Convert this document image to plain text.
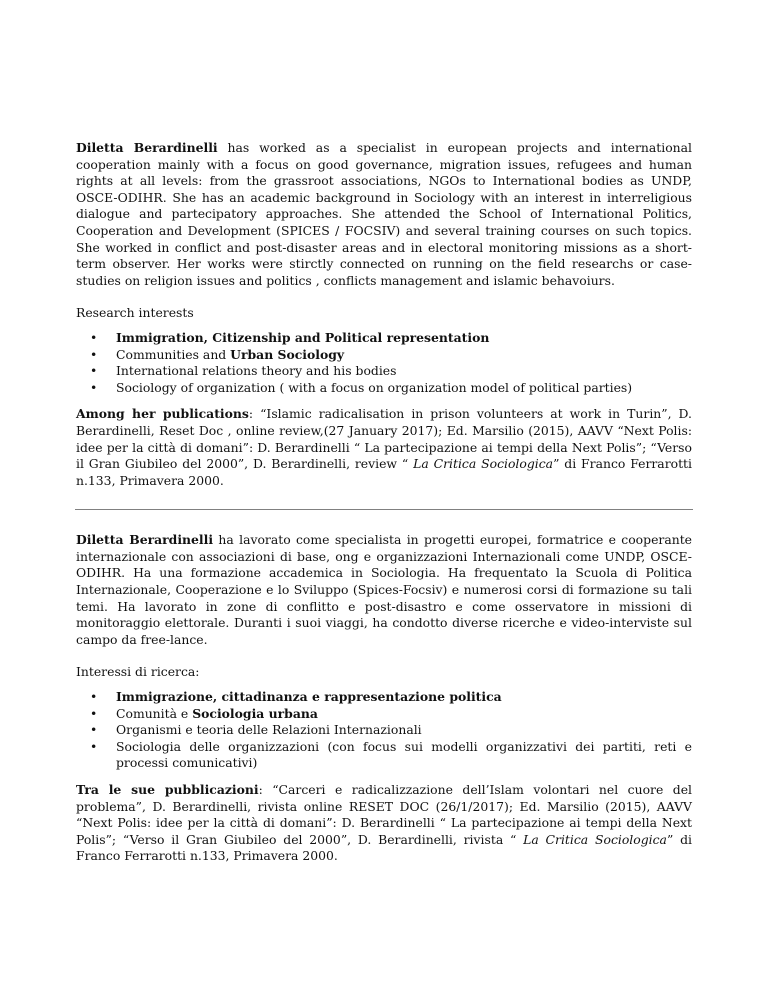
Diletta Berardinelli has worked as a specialist in european projects and international cooperation mainly with a focus on good governance, migration issues, refugees and human rights at all levels: from the grassroot associations, NGOs to International bodies as UNDP, OSCE-ODIHR. She has an academic background in Sociology with an interest in interreligious dialogue and partecipatory approaches. She attended the School of International Politics, Cooperation and Development (SPICES / FOCSIV) and several training courses on such topics. She worked in conflict and post-disaster areas and in electoral monitoring missions as a short-term observer. Her works were stirctly connected on running on the field researchs or case-studies on religion issues and politics , conflicts management and islamic behavoiurs.

Research interests

• Immigration, Citizenship and Political representation
• Communities and Urban Sociology
• International relations theory and his bodies
• Sociology of organization ( with a focus on organization model of political parties)

Among her publications: “Islamic radicalisation in prison volunteers at work in Turin”, D. Berardinelli, Reset Doc , online review,(27 January 2017); Ed. Marsilio (2015), AAVV “Next Polis: idee per la città di domani”: D. Berardinelli “ La partecipazione ai tempi della Next Polis”; “Verso il Gran Giubileo del 2000”, D. Berardinelli, review “ La Critica Sociologica” di Franco Ferrarotti n.133, Primavera 2000.

Diletta Berardinelli ha lavorato come specialista in progetti europei, formatrice e cooperante internazionale con associazioni di base, ong e organizzazioni Internazionali come UNDP, OSCE-ODIHR. Ha una formazione accademica in Sociologia. Ha frequentato la Scuola di Politica Internazionale, Cooperazione e lo Sviluppo (Spices-Focsiv) e numerosi corsi di formazione su tali temi. Ha lavorato in zone di conflitto e post-disastro e come osservatore in missioni di monitoraggio elettorale. Duranti i suoi viaggi, ha condotto diverse ricerche e video-interviste sul campo da free-lance.

Interessi di ricerca:

• Immigrazione, cittadinanza e rappresentazione politica
• Comunità e Sociologia urbana
• Organismi e teoria delle Relazioni Internazionali
• Sociologia delle organizzazioni (con focus sui modelli organizzativi dei partiti, reti e processi comunicativi)

Tra le sue pubblicazioni: “Carceri e radicalizzazione dell’Islam volontari nel cuore del problema”, D. Berardinelli, rivista online RESET DOC (26/1/2017); Ed. Marsilio (2015), AAVV “Next Polis: idee per la città di domani”: D. Berardinelli “ La partecipazione ai tempi della Next Polis”; “Verso il Gran Giubileo del 2000”, D. Berardinelli, rivista “ La Critica Sociologica” di Franco Ferrarotti n.133, Primavera 2000.
